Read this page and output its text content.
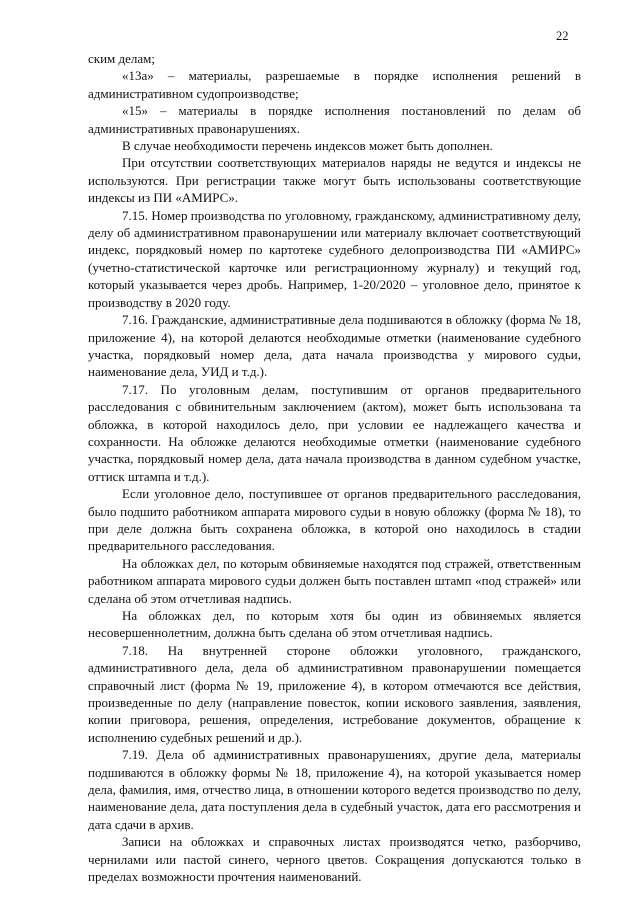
22

ским делам;

«13а» – материалы, разрешаемые в порядке исполнения решений в административном судопроизводстве;

«15» – материалы в порядке исполнения постановлений по делам об административных правонарушениях.

В случае необходимости перечень индексов может быть дополнен.

При отсутствии соответствующих материалов наряды не ведутся и индексы не используются. При регистрации также могут быть использованы соответствующие индексы из ПИ «АМИРС».

7.15. Номер производства по уголовному, гражданскому, административному делу, делу об административном правонарушении или материалу включает соответствующий индекс, порядковый номер по картотеке судебного делопроизводства ПИ «АМИРС» (учетно-статистической карточке или регистрационному журналу) и текущий год, который указывается через дробь. Например, 1-20/2020 – уголовное дело, принятое к производству в 2020 году.

7.16. Гражданские, административные дела подшиваются в обложку (форма № 18, приложение 4), на которой делаются необходимые отметки (наименование судебного участка, порядковый номер дела, дата начала производства у мирового судьи, наименование дела, УИД и т.д.).

7.17. По уголовным делам, поступившим от органов предварительного расследования с обвинительным заключением (актом), может быть использована та обложка, в которой находилось дело, при условии ее надлежащего качества и сохранности. На обложке делаются необходимые отметки (наименование судебного участка, порядковый номер дела, дата начала производства в данном судебном участке, оттиск штампа и т.д.).

Если уголовное дело, поступившее от органов предварительного расследования, было подшито работником аппарата мирового судьи в новую обложку (форма № 18), то при деле должна быть сохранена обложка, в которой оно находилось в стадии предварительного расследования.

На обложках дел, по которым обвиняемые находятся под стражей, ответственным работником аппарата мирового судьи должен быть поставлен штамп «под стражей» или сделана об этом отчетливая надпись.

На обложках дел, по которым хотя бы один из обвиняемых является несовершеннолетним, должна быть сделана об этом отчетливая надпись.

7.18. На внутренней стороне обложки уголовного, гражданского, административного дела, дела об административном правонарушении помещается справочный лист (форма № 19, приложение 4), в котором отмечаются все действия, произведенные по делу (направление повесток, копии искового заявления, заявления, копии приговора, решения, определения, истребование документов, обращение к исполнению судебных решений и др.).

7.19. Дела об административных правонарушениях, другие дела, материалы подшиваются в обложку формы № 18, приложение 4), на которой указывается номер дела, фамилия, имя, отчество лица, в отношении которого ведется производство по делу, наименование дела, дата поступления дела в судебный участок, дата его рассмотрения и дата сдачи в архив.

Записи на обложках и справочных листах производятся четко, разборчиво, чернилами или пастой синего, черного цветов. Сокращения допускаются только в пределах возможности прочтения наименований.
